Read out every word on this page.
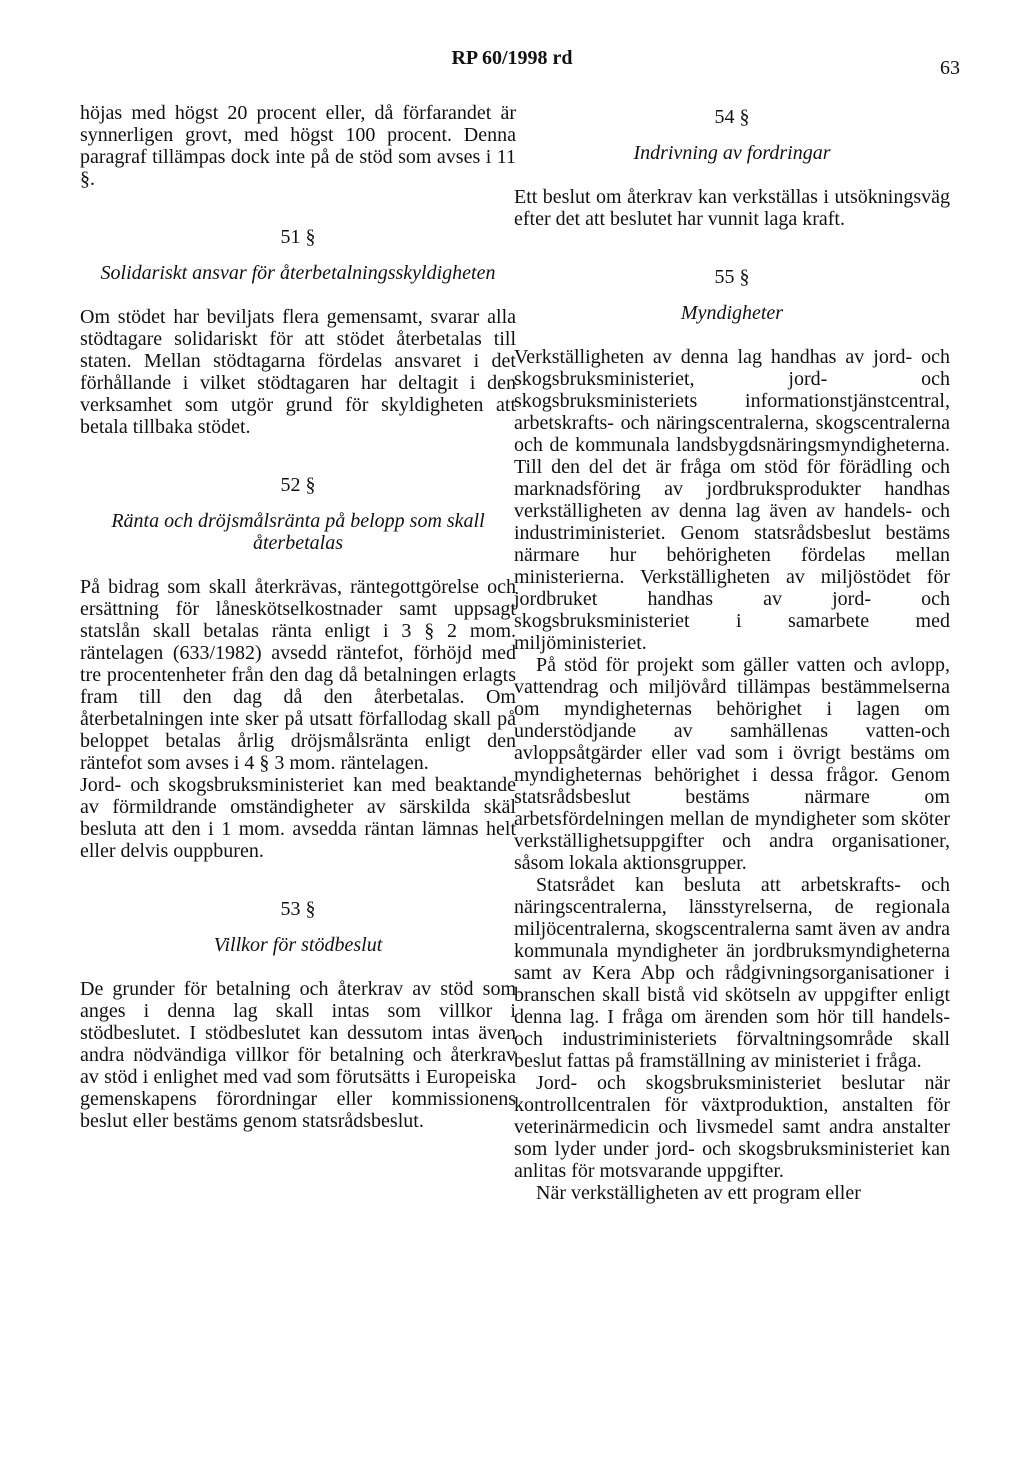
RP 60/1998 rd	63

höjas med högst 20 procent eller, då förfarandet är synnerligen grovt, med högst 100 procent. Denna paragraf tillämpas dock inte på de stöd som avses i 11 §.

51 §
Solidariskt ansvar för återbetalningsskyldigheten

Om stödet har beviljats flera gemensamt, svarar alla stödtagare solidariskt för att stödet återbetalas till staten. Mellan stödtagarna fördelas ansvaret i det förhållande i vilket stödtagaren har deltagit i den verksamhet som utgör grund för skyldigheten att betala tillbaka stödet.

52 §
Ränta och dröjsmålsränta på belopp som skall återbetalas

På bidrag som skall återkrävas, räntegottgörelse och ersättning för låneskötselkostnader samt uppsagt statslån skall betalas ränta enligt i 3 § 2 mom. räntelagen (633/1982) avsedd räntefot, förhöjd med tre procentenheter från den dag då betalningen erlagts fram till den dag då den återbetalas. Om återbetalningen inte sker på utsatt förfallodag skall på beloppet betalas årlig dröjsmålsränta enligt den räntefot som avses i 4 § 3 mom. räntelagen.

Jord- och skogsbruksministeriet kan med beaktande av förmildrande omständigheter av särskilda skäl besluta att den i 1 mom. avsedda räntan lämnas helt eller delvis ouppburen.

53 §
Villkor för stödbeslut

De grunder för betalning och återkrav av stöd som anges i denna lag skall intas som villkor i stödbeslutet. I stödbeslutet kan dessutom intas även andra nödvändiga villkor för betalning och återkrav av stöd i enlighet med vad som förutsätts i Europeiska gemenskapens förordningar eller kommissionens beslut eller bestäms genom statsrådsbeslut.

54 §
Indrivning av fordringar

Ett beslut om återkrav kan verkställas i utsökningsväg efter det att beslutet har vunnit laga kraft.

55 §
Myndigheter

Verkställigheten av denna lag handhas av jord- och skogsbruksministeriet, jord- och skogsbruksministeriets informationstjänstcentral, arbetskrafts- och näringscentralerna, skogscentralerna och de kommunala landsbygdsnäringsmyndigheterna. Till den del det är fråga om stöd för förädling och marknadsföring av jordbruksprodukter handhas verkställigheten av denna lag även av handels- och industriministeriet. Genom statsrådsbeslut bestäms närmare hur behörigheten fördelas mellan ministerierna. Verkställigheten av miljöstödet för jordbruket handhas av jord- och skogsbruksministeriet i samarbete med miljöministeriet.

På stöd för projekt som gäller vatten och avlopp, vattendrag och miljövård tillämpas bestämmelserna om myndigheternas behörighet i lagen om understödjande av samhällenas vatten-och avloppsåtgärder eller vad som i övrigt bestäms om myndigheternas behörighet i dessa frågor. Genom statsrådsbeslut bestäms närmare om arbetsfördelningen mellan de myndigheter som sköter verkställighetsuppgifter och andra organisationer, såsom lokala aktionsgrupper.

Statsrådet kan besluta att arbetskrafts- och näringscentralerna, länsstyrelserna, de regionala miljöcentralerna, skogscentralerna samt även av andra kommunala myndigheter än jordbruksmyndigheterna samt av Kera Abp och rådgivningsorganisationer i branschen skall bistå vid skötseln av uppgifter enligt denna lag. I fråga om ärenden som hör till handels- och industriministeriets förvaltningsområde skall beslut fattas på framställning av ministeriet i fråga.

Jord- och skogsbruksministeriet beslutar när kontrollcentralen för växtproduktion, anstalten för veterinärmedicin och livsmedel samt andra anstalter som lyder under jord- och skogsbruksministeriet kan anlitas för motsvarande uppgifter.

När verkställigheten av ett program eller
